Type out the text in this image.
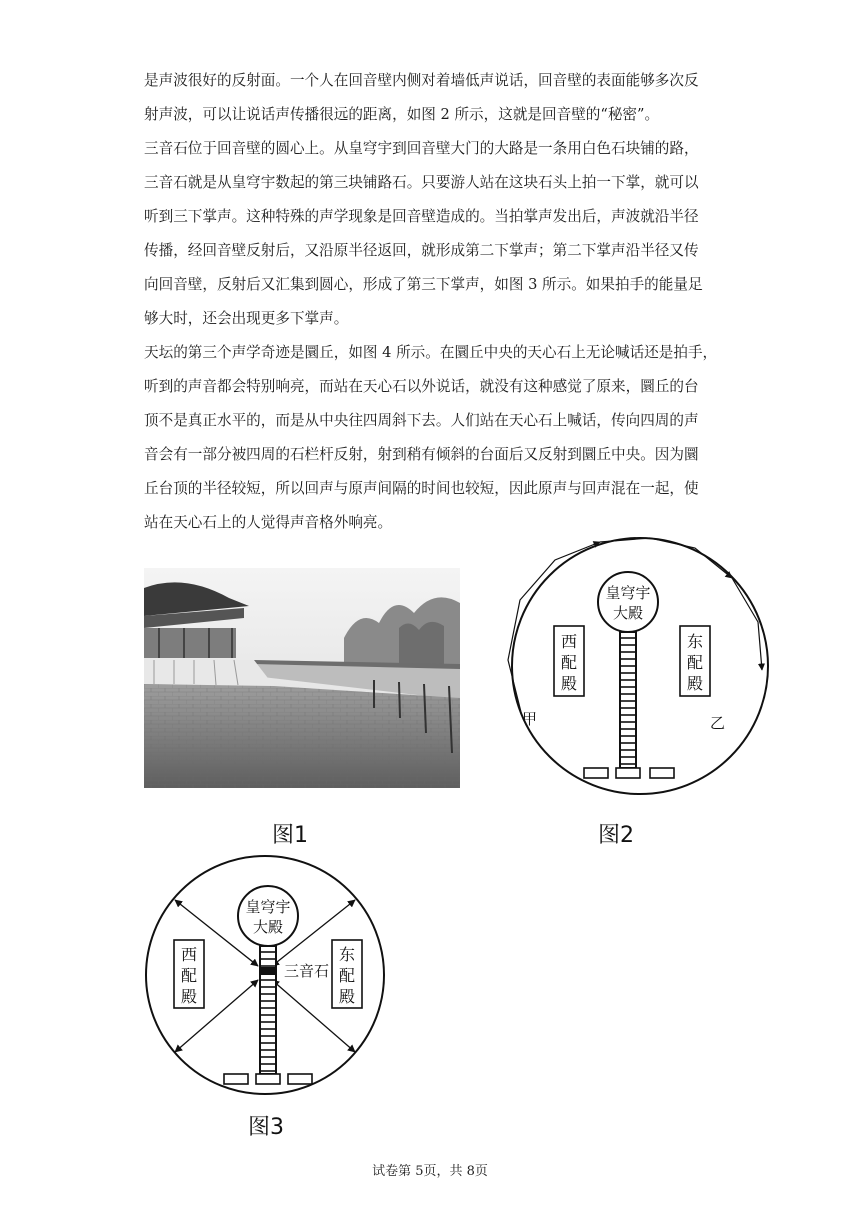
是声波很好的反射面。一个人在回音壁内侧对着墙低声说话，回音壁的表面能够多次反
射声波，可以让说话声传播很远的距离，如图 2 所示，这就是回音壁的“秘密”。
三音石位于回音壁的圆心上。从皇穹宇到回音壁大门的大路是一条用白色石块铺的路，
三音石就是从皇穹宇数起的第三块铺路石。只要游人站在这块石头上拍一下掌，就可以
听到三下掌声。这种特殊的声学现象是回音壁造成的。当拍掌声发出后，声波就沿半径
传播，经回音壁反射后，又沿原半径返回，就形成第二下掌声；第二下掌声沿半径又传
向回音壁，反射后又汇集到圆心，形成了第三下掌声，如图 3 所示。如果拍手的能量足
够大时，还会出现更多下掌声。
天坛的第三个声学奇迹是圜丘，如图 4 所示。在圜丘中央的天心石上无论喊话还是拍手，
听到的声音都会特别响亮，而站在天心石以外说话，就没有这种感觉了原来，圜丘的台
顶不是真正水平的，而是从中央往四周斜下去。人们站在天心石上喊话，传向四周的声
音会有一部分被四周的石栏杆反射，射到稍有倾斜的台面后又反射到圜丘中央。因为圜
丘台顶的半径较短，所以回声与原声间隔的时间也较短，因此原声与回声混在一起，使
站在天心石上的人觉得声音格外响亮。
图1
皇穹宇
大殿
西
配
殿
东
配
殿
甲	乙
图2
皇穹宇
大殿
西
配
殿
东
配
殿
三音石
图3
试卷第 5页，共 8页
